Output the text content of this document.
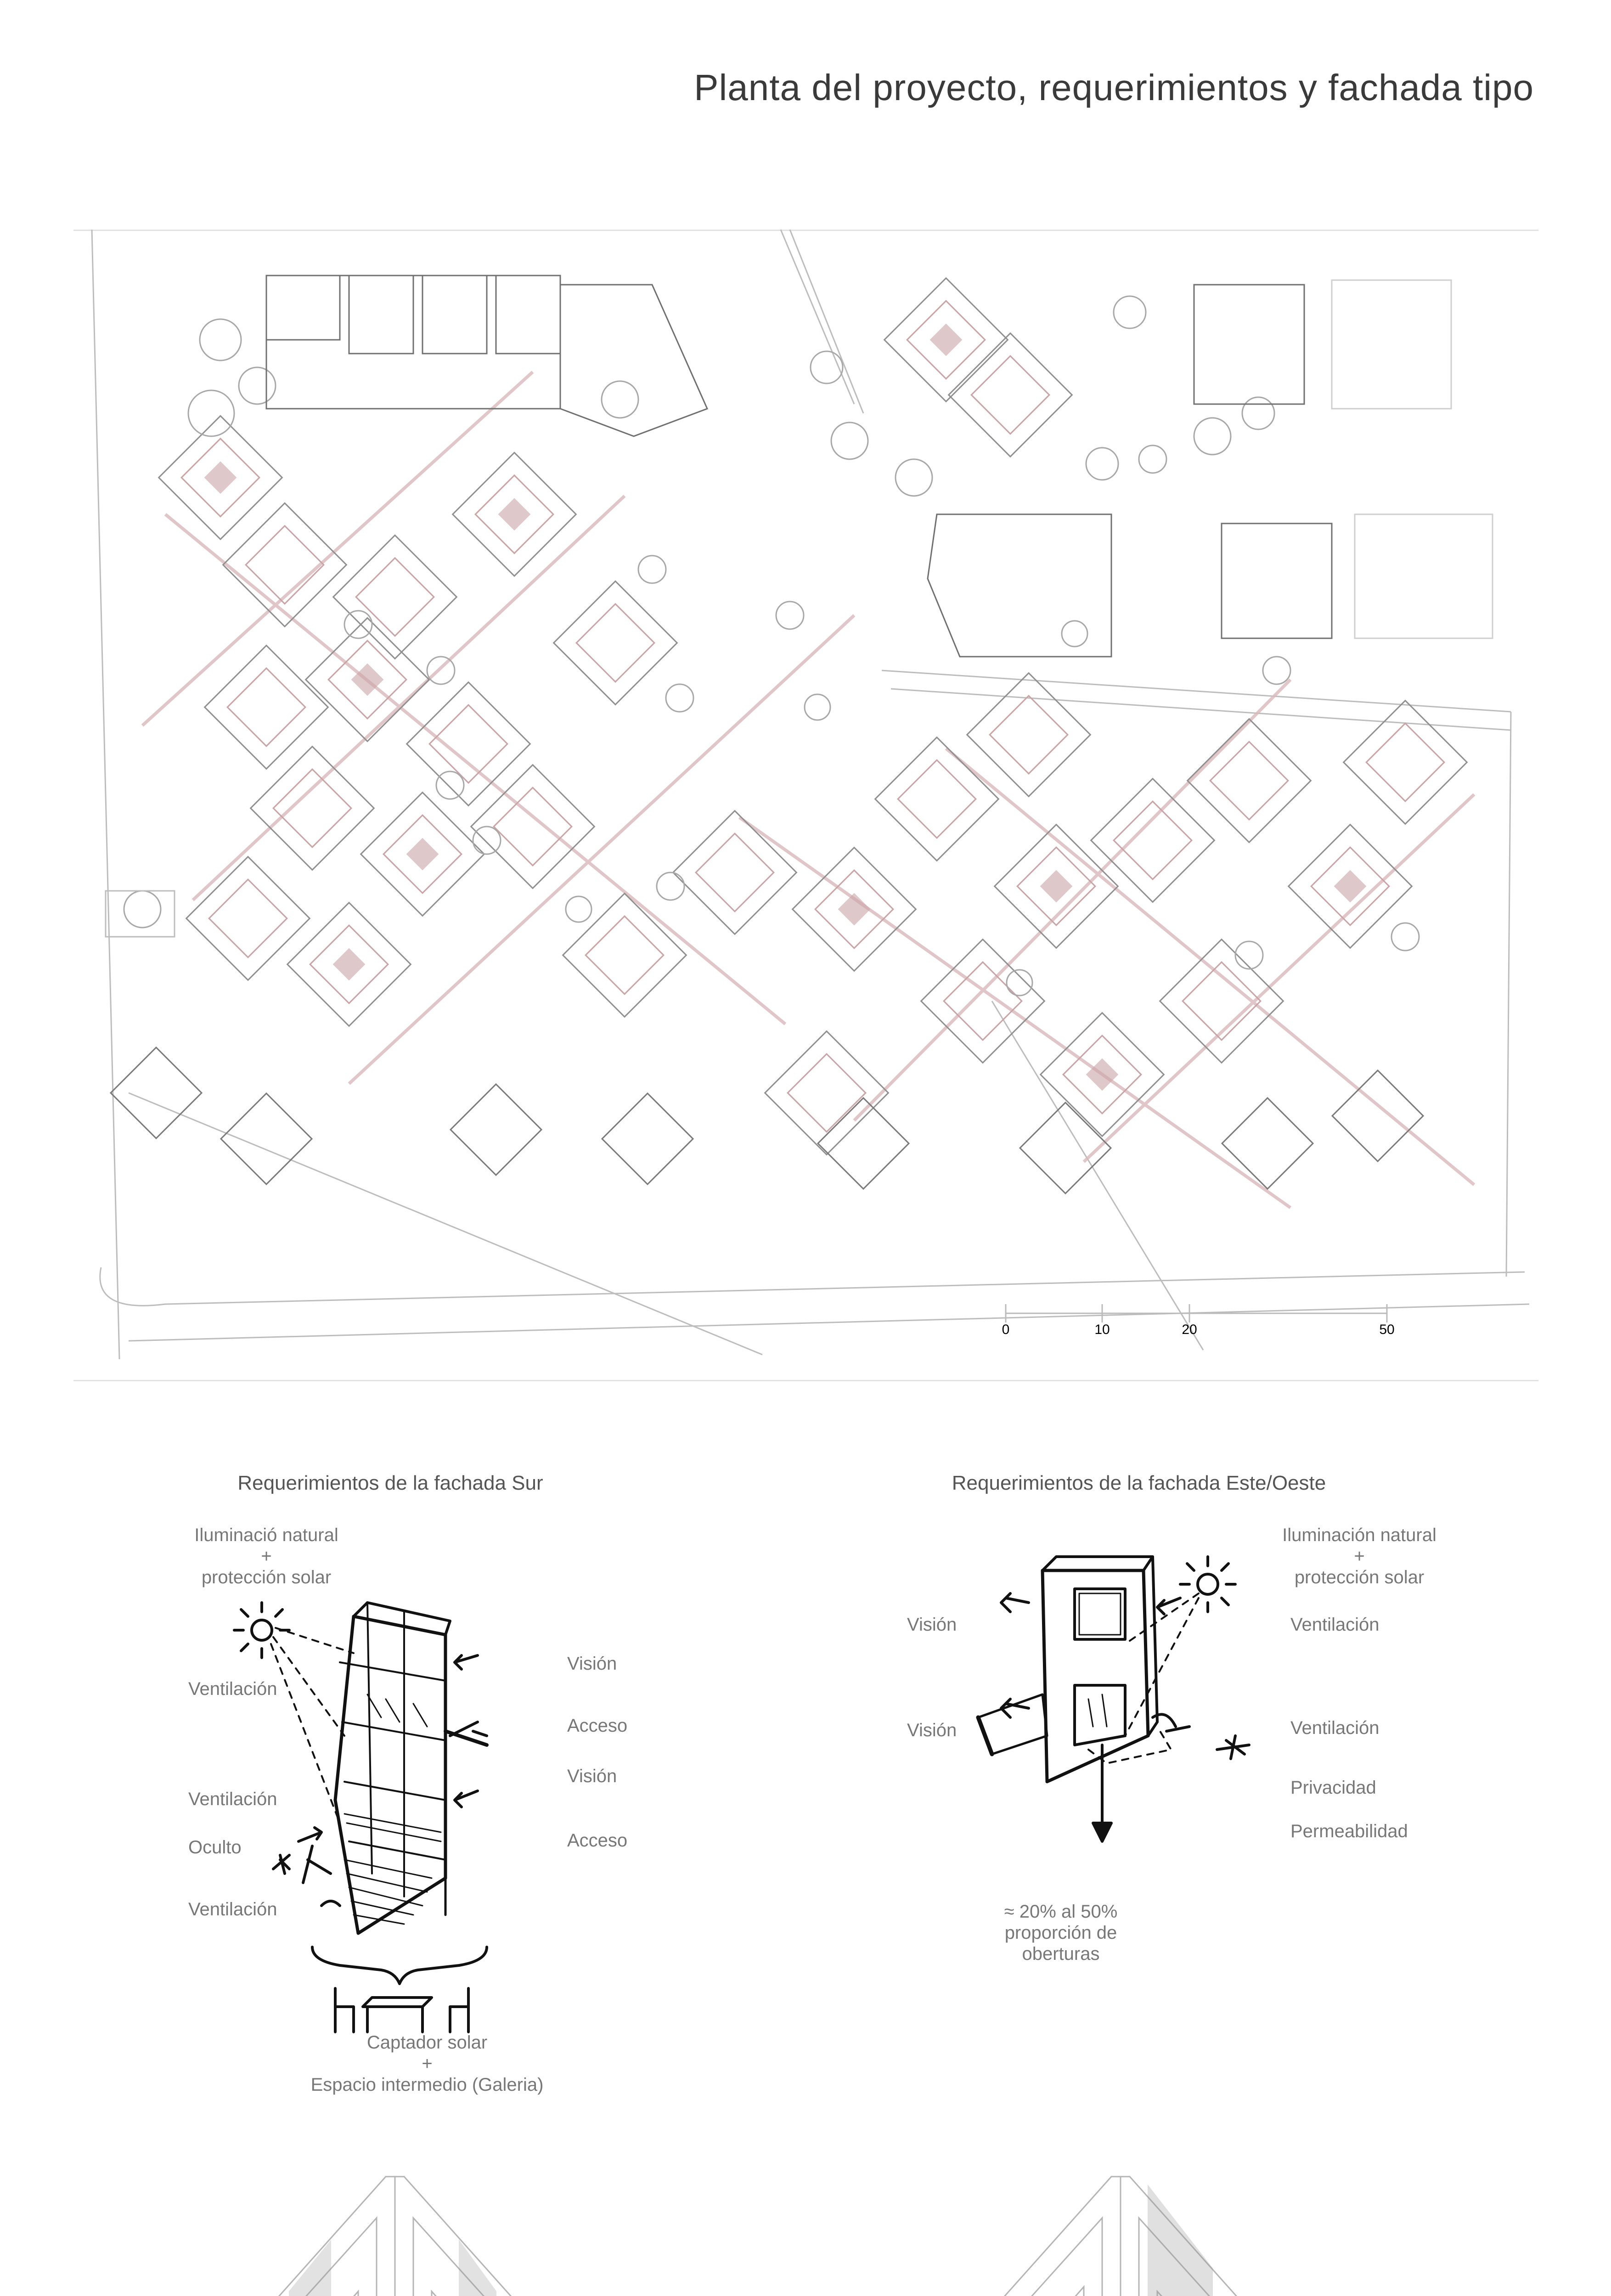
Planta del proyecto, requerimientos y fachada tipo
0	10	20	50
Requerimientos de la fachada Sur
Iluminació natural
+
protección solar
Ventilación
Ventilación
Oculto
Ventilación
Visión
Acceso
Visión
Acceso
Captador solar
+
Espacio intermedio (Galeria)
Requerimientos de la fachada Este/Oeste
Iluminación natural
+
protección solar
Visión
Visión
Ventilación
Ventilación
Privacidad
Permeabilidad
≈ 20% al 50%
proporción de
oberturas
